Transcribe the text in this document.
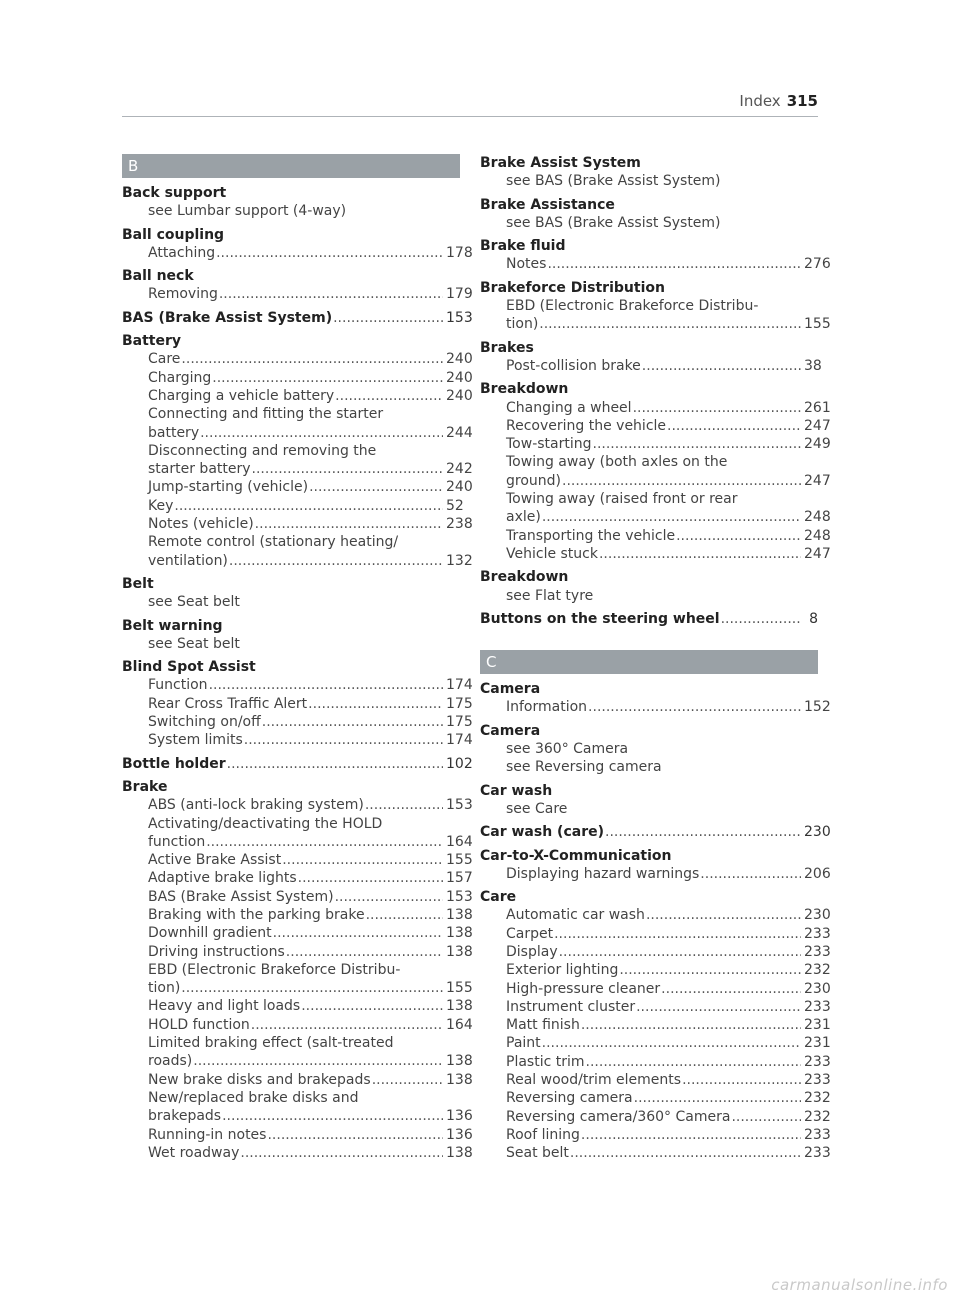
Index 315
B
Back support
see Lumbar support (4-way)
Ball coupling
Attaching .....	178
Ball neck
Removing .....	179
BAS (Brake Assist System) .....	153
Battery
Care .....	240
Charging .....	240
Charging a vehicle battery .....	240
Connecting and fitting the starter
battery .....	244
Disconnecting and removing the
starter battery .....	242
Jump-starting (vehicle) .....	240
Key .....	52
Notes (vehicle) .....	238
Remote control (stationary heating/
ventilation) .....	132
Belt
see Seat belt
Belt warning
see Seat belt
Blind Spot Assist
Function .....	174
Rear Cross Traffic Alert .....	175
Switching on/off .....	175
System limits .....	174
Bottle holder .....	102
Brake
ABS (anti-lock braking system) .....	153
Activating/deactivating the HOLD
function .....	164
Active Brake Assist .....	155
Adaptive brake lights .....	157
BAS (Brake Assist System) .....	153
Braking with the parking brake .....	138
Downhill gradient .....	138
Driving instructions .....	138
EBD (Electronic Brakeforce Distribu-
tion) .....	155
Heavy and light loads .....	138
HOLD function .....	164
Limited braking effect (salt-treated
roads) .....	138
New brake disks and brakepads .....	138
New/replaced brake disks and
brakepads .....	136
Running-in notes .....	136
Wet roadway .....	138
Brake Assist System
see BAS (Brake Assist System)
Brake Assistance
see BAS (Brake Assist System)
Brake fluid
Notes .....	276
Brakeforce Distribution
EBD (Electronic Brakeforce Distribu-
tion) .....	155
Brakes
Post-collision brake .....	38
Breakdown
Changing a wheel .....	261
Recovering the vehicle .....	247
Tow-starting .....	249
Towing away (both axles on the
ground) .....	247
Towing away (raised front or rear
axle) .....	248
Transporting the vehicle .....	248
Vehicle stuck .....	247
Breakdown
see Flat tyre
Buttons on the steering wheel .....	8
C
Camera
Information .....	152
Camera
see 360° Camera
see Reversing camera
Car wash
see Care
Car wash (care) .....	230
Car-to-X-Communication
Displaying hazard warnings .....	206
Care
Automatic car wash .....	230
Carpet .....	233
Display .....	233
Exterior lighting .....	232
High-pressure cleaner .....	230
Instrument cluster .....	233
Matt finish .....	231
Paint .....	231
Plastic trim .....	233
Real wood/trim elements .....	233
Reversing camera .....	232
Reversing camera/360° Camera .....	232
Roof lining .....	233
Seat belt .....	233
carmanualsonline.info
